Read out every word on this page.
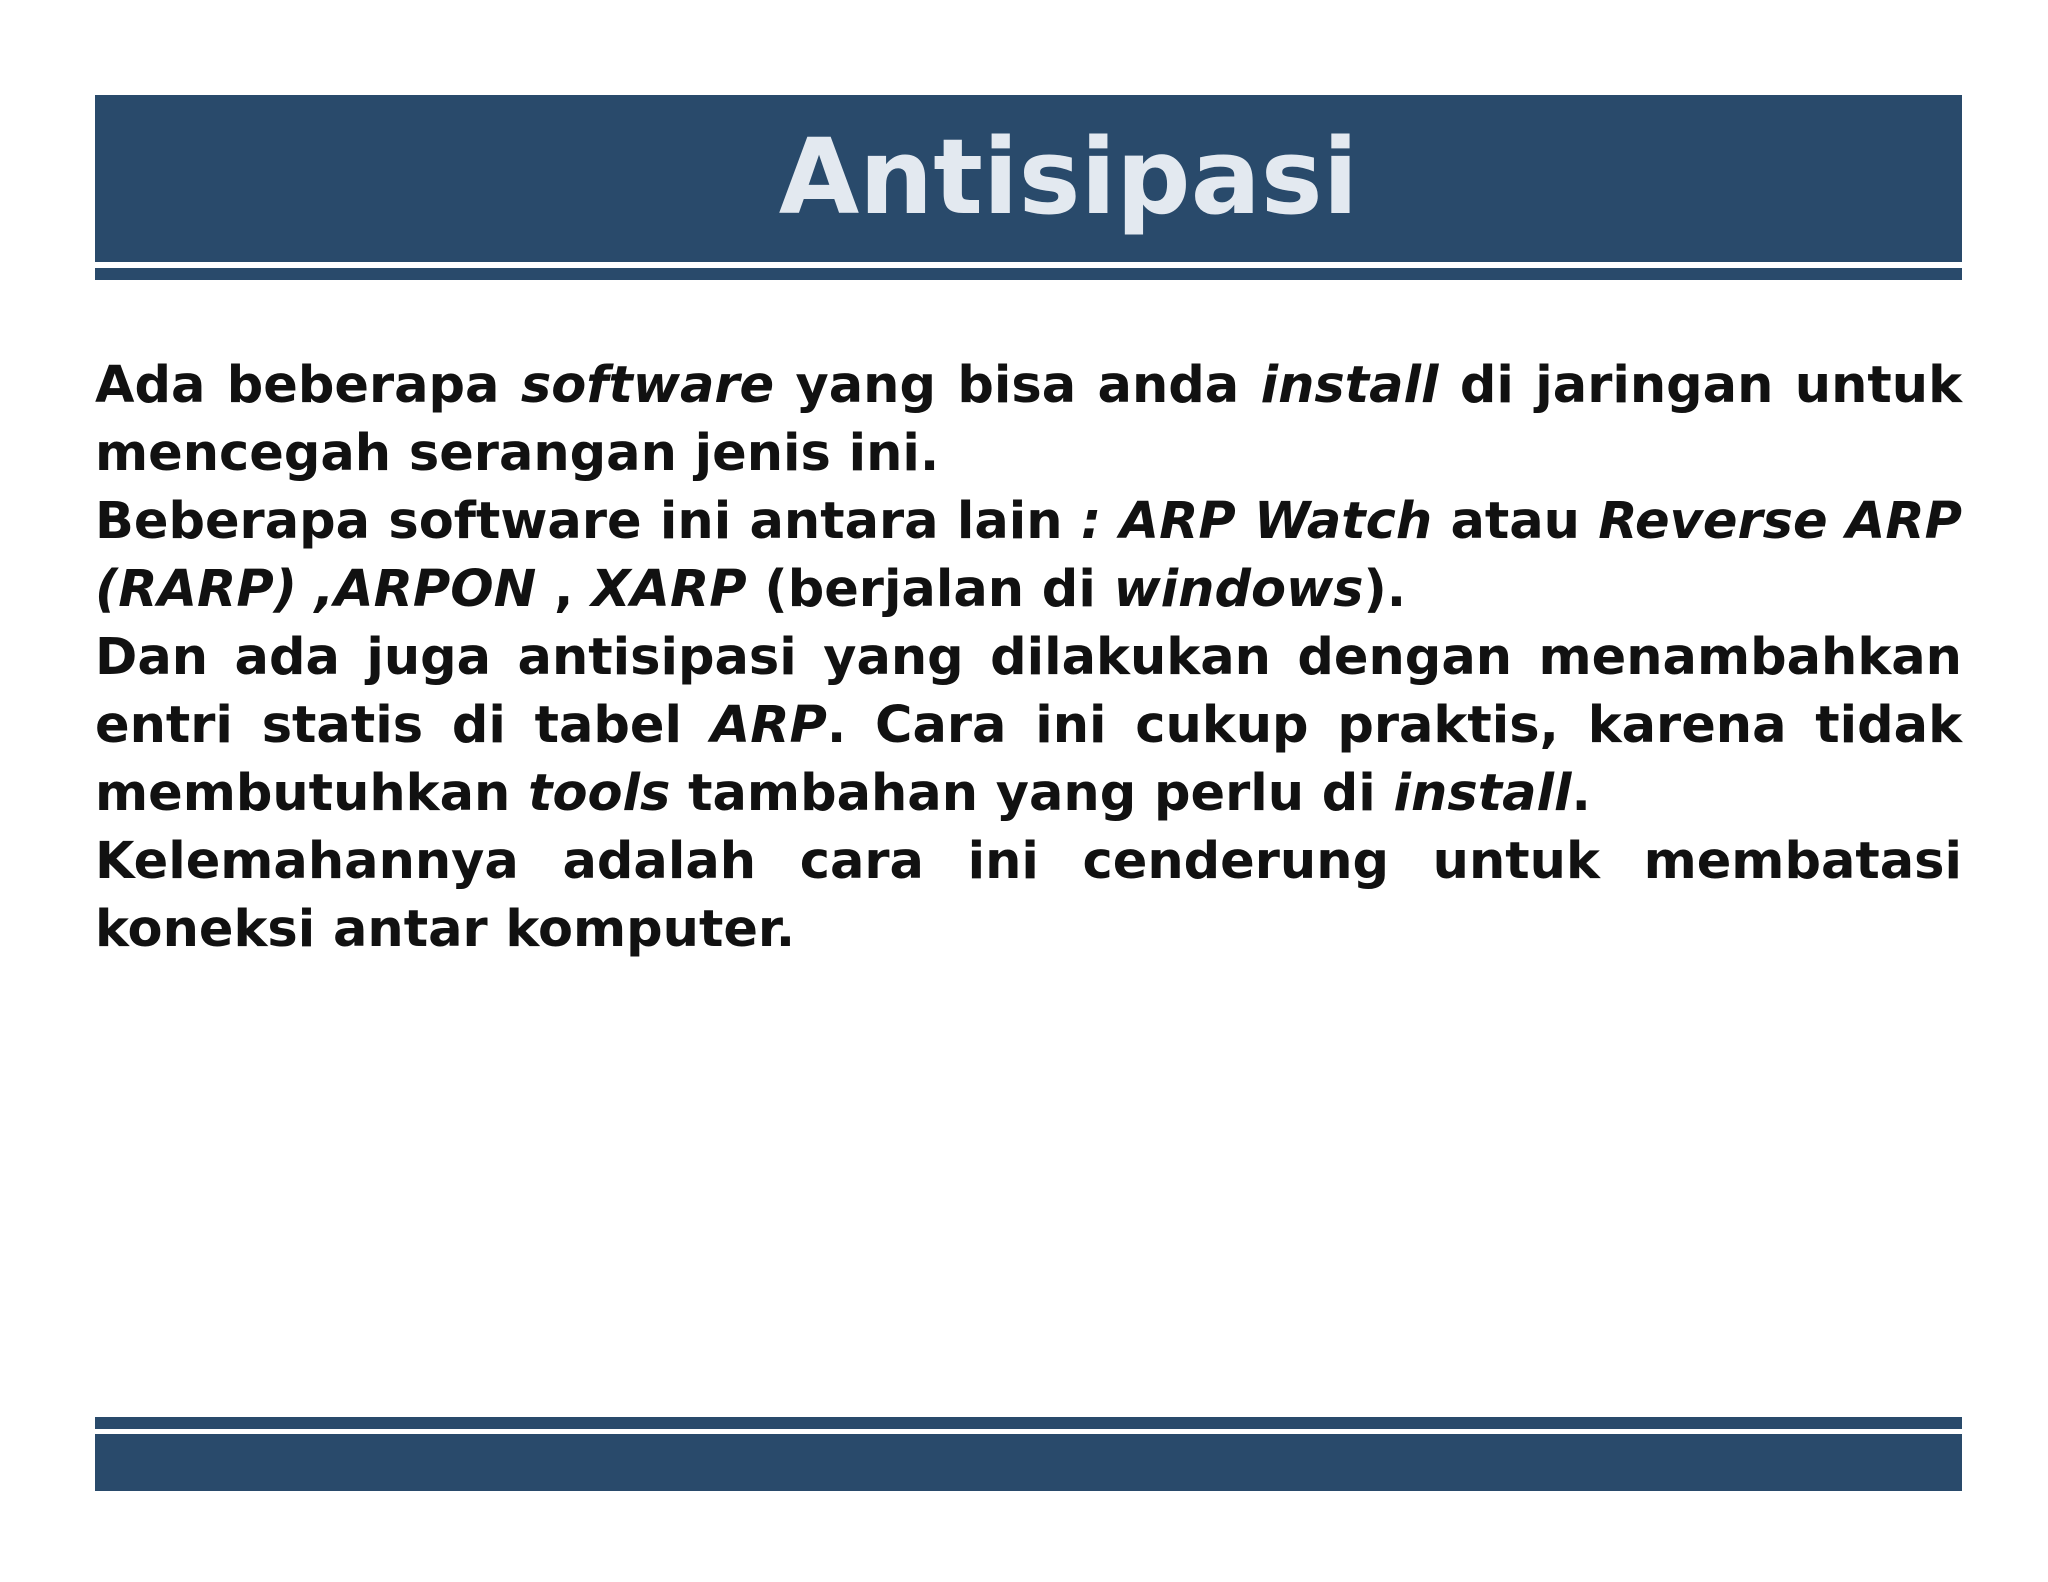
Antisipasi

Ada beberapa software yang bisa anda install di jaringan untuk mencegah serangan jenis ini.

Beberapa software ini antara lain : ARP Watch atau Reverse ARP (RARP) ,ARPON , XARP (berjalan di windows).

Dan ada juga antisipasi yang dilakukan dengan menambahkan entri statis di tabel ARP. Cara ini cukup praktis, karena tidak membutuhkan tools tambahan yang perlu di install.

Kelemahannya adalah cara ini cenderung untuk membatasi koneksi antar komputer.
